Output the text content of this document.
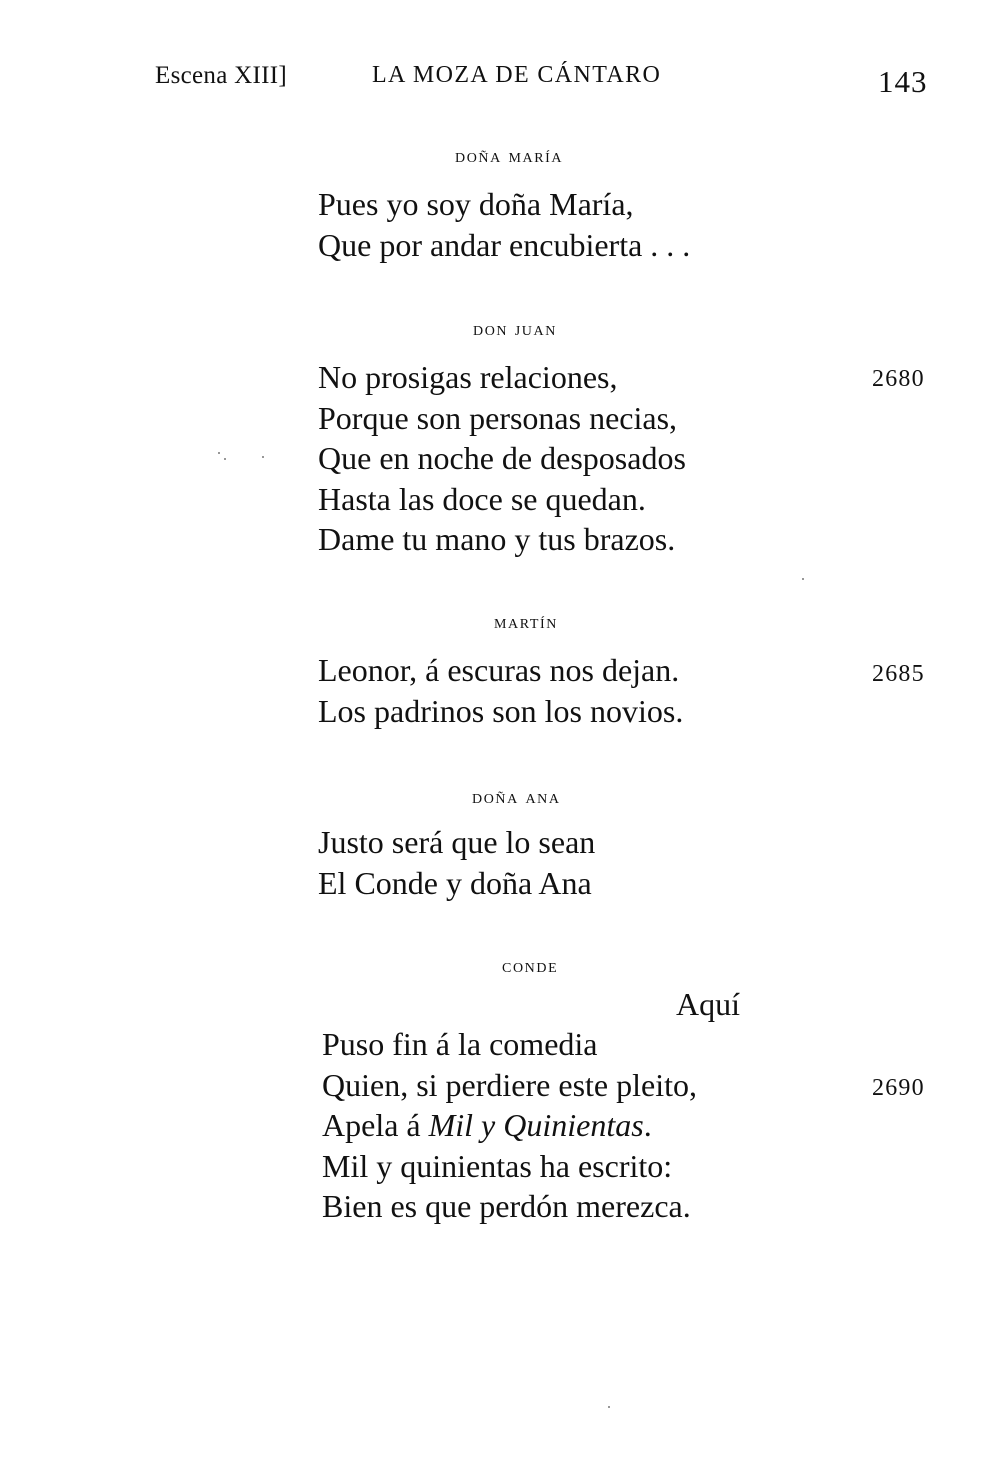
Escena XIII]	LA MOZA DE CÁNTARO	143
doña maría
Pues yo soy doña María,
Que por andar encubierta . . .
don juan
No prosigas relaciones,
Porque son personas necias,
Que en noche de desposados
Hasta las doce se quedan.
Dame tu mano y tus brazos.
2680
martín
Leonor, á escuras nos dejan.
Los padrinos son los novios.
2685
doña ana
Justo será que lo sean
El Conde y doña Ana
conde
Aquí
Puso fin á la comedia
Quien, si perdiere este pleito,
Apela á Mil y Quinientas.
Mil y quinientas ha escrito:
Bien es que perdón merezca.
2690
